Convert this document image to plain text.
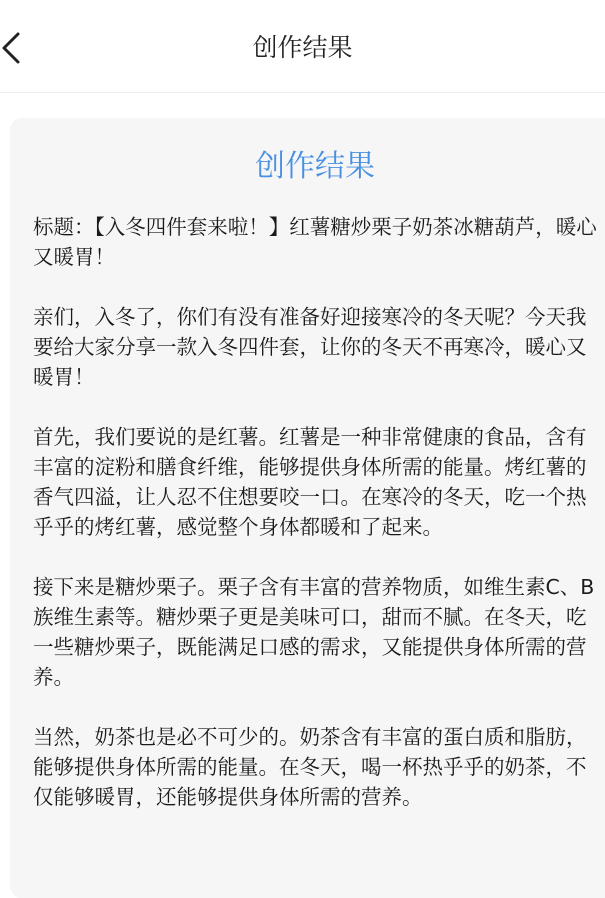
创作结果
创作结果

标题：【入冬四件套来啦！】红薯糖炒栗子奶茶冰糖葫芦，暖心又暖胃！

亲们，入冬了，你们有没有准备好迎接寒冷的冬天呢？今天我要给大家分享一款入冬四件套，让你的冬天不再寒冷，暖心又暖胃！

首先，我们要说的是红薯。红薯是一种非常健康的食品，含有丰富的淀粉和膳食纤维，能够提供身体所需的能量。烤红薯的香气四溢，让人忍不住想要咬一口。在寒冷的冬天，吃一个热乎乎的烤红薯，感觉整个身体都暖和了起来。

接下来是糖炒栗子。栗子含有丰富的营养物质，如维生素C、B族维生素等。糖炒栗子更是美味可口，甜而不腻。在冬天，吃一些糖炒栗子，既能满足口感的需求，又能提供身体所需的营养。

当然，奶茶也是必不可少的。奶茶含有丰富的蛋白质和脂肪，能够提供身体所需的能量。在冬天，喝一杯热乎乎的奶茶，不仅能够暖胃，还能够提供身体所需的营养。
